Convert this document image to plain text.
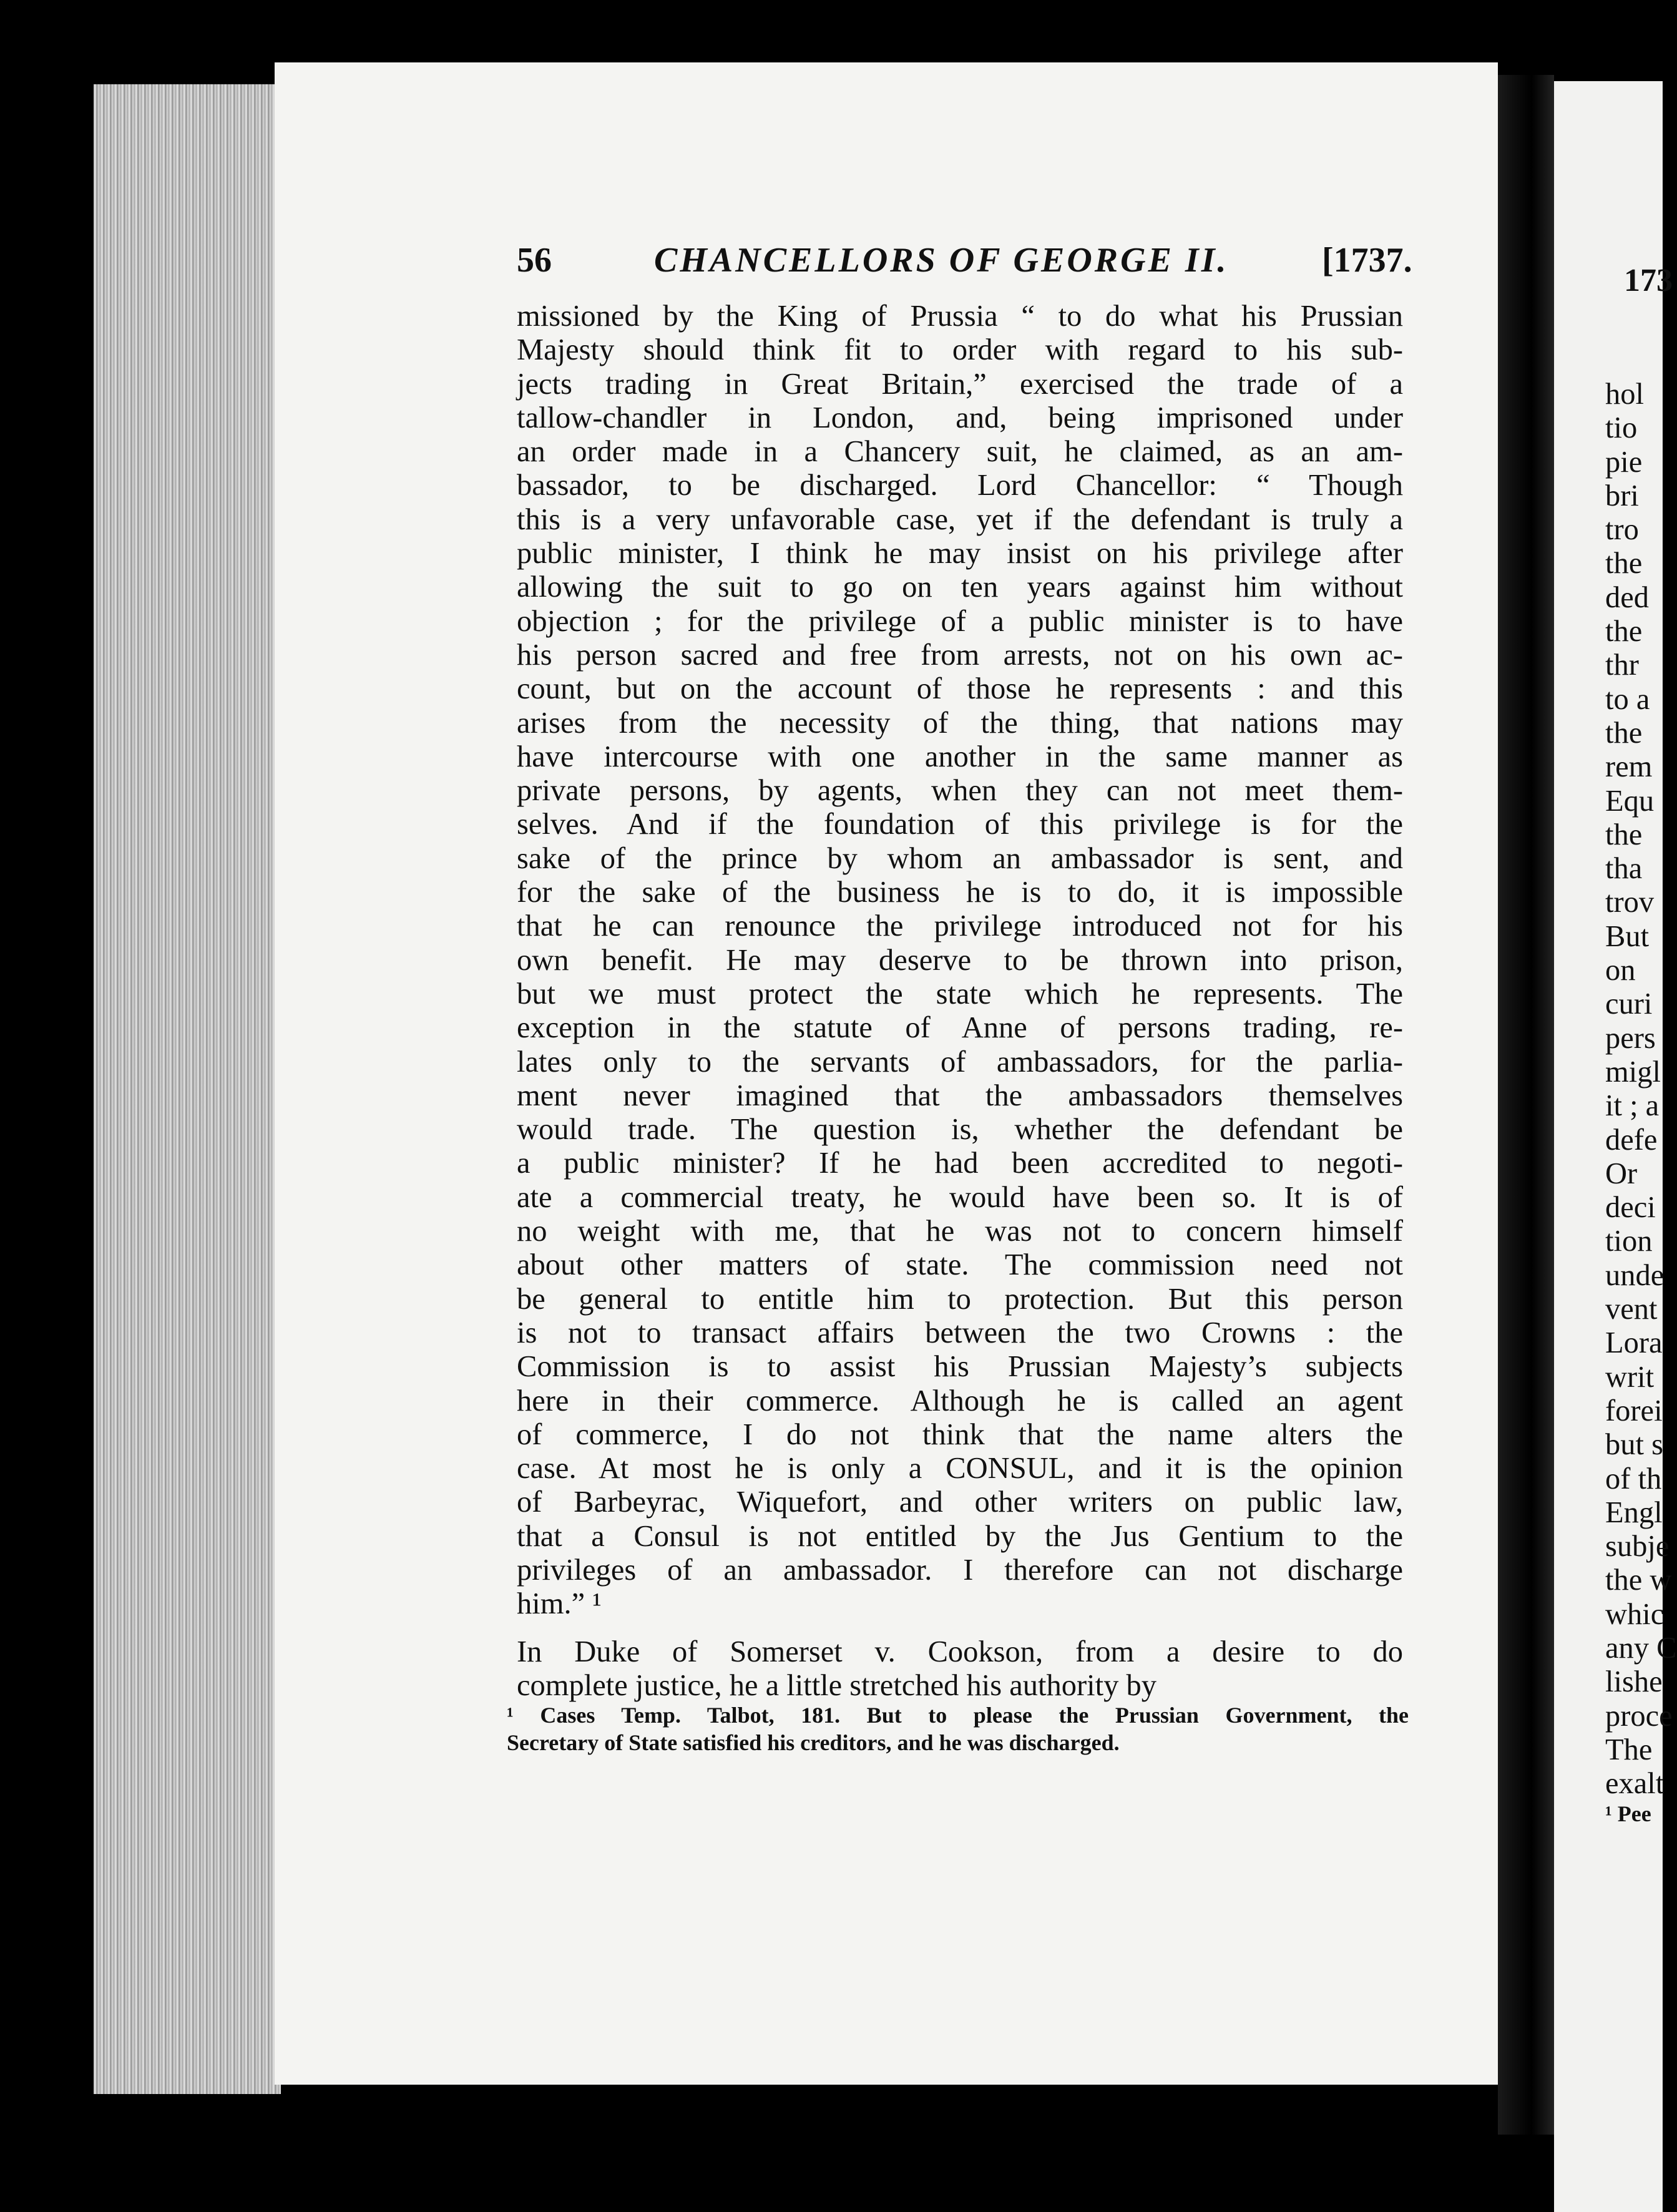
173
hol
tio
pie
bri
tro
the
ded
the
thr
to a
the
rem
Equ
the
tha
trov
But
on
curi
pers
migl
it ; a
defe
Or
deci
tion
unde
vent
Lora
writ
forei
but s
of th
Engl
subje
the w
whic
any C
lishe
proce
The
exalt
¹ Pee
56	CHANCELLORS OF GEORGE II.	[1737.
missioned by the King of Prussia “ to do what his Prussian
Majesty should think fit to order with regard to his sub-
jects trading in Great Britain,” exercised the trade of a
tallow-chandler in London, and, being imprisoned under
an order made in a Chancery suit, he claimed, as an am-
bassador, to be discharged. Lord Chancellor: “ Though
this is a very unfavorable case, yet if the defendant is truly a
public minister, I think he may insist on his privilege after
allowing the suit to go on ten years against him without
objection ; for the privilege of a public minister is to have
his person sacred and free from arrests, not on his own ac-
count, but on the account of those he represents : and this
arises from the necessity of the thing, that nations may
have intercourse with one another in the same manner as
private persons, by agents, when they can not meet them-
selves. And if the foundation of this privilege is for the
sake of the prince by whom an ambassador is sent, and
for the sake of the business he is to do, it is impossible
that he can renounce the privilege introduced not for his
own benefit. He may deserve to be thrown into prison,
but we must protect the state which he represents. The
exception in the statute of Anne of persons trading, re-
lates only to the servants of ambassadors, for the parlia-
ment never imagined that the ambassadors themselves
would trade. The question is, whether the defendant be
a public minister? If he had been accredited to negoti-
ate a commercial treaty, he would have been so. It is of
no weight with me, that he was not to concern himself
about other matters of state. The commission need not
be general to entitle him to protection. But this person
is not to transact affairs between the two Crowns : the
Commission is to assist his Prussian Majesty’s subjects
here in their commerce. Although he is called an agent
of commerce, I do not think that the name alters the
case. At most he is only a CONSUL, and it is the opinion
of Barbeyrac, Wiquefort, and other writers on public law,
that a Consul is not entitled by the Jus Gentium to the
privileges of an ambassador. I therefore can not discharge
him.” ¹
In Duke of Somerset v. Cookson, from a desire to do
complete justice, he a little stretched his authority by
¹ Cases Temp. Talbot, 181. But to please the Prussian Government, the
Secretary of State satisfied his creditors, and he was discharged.
